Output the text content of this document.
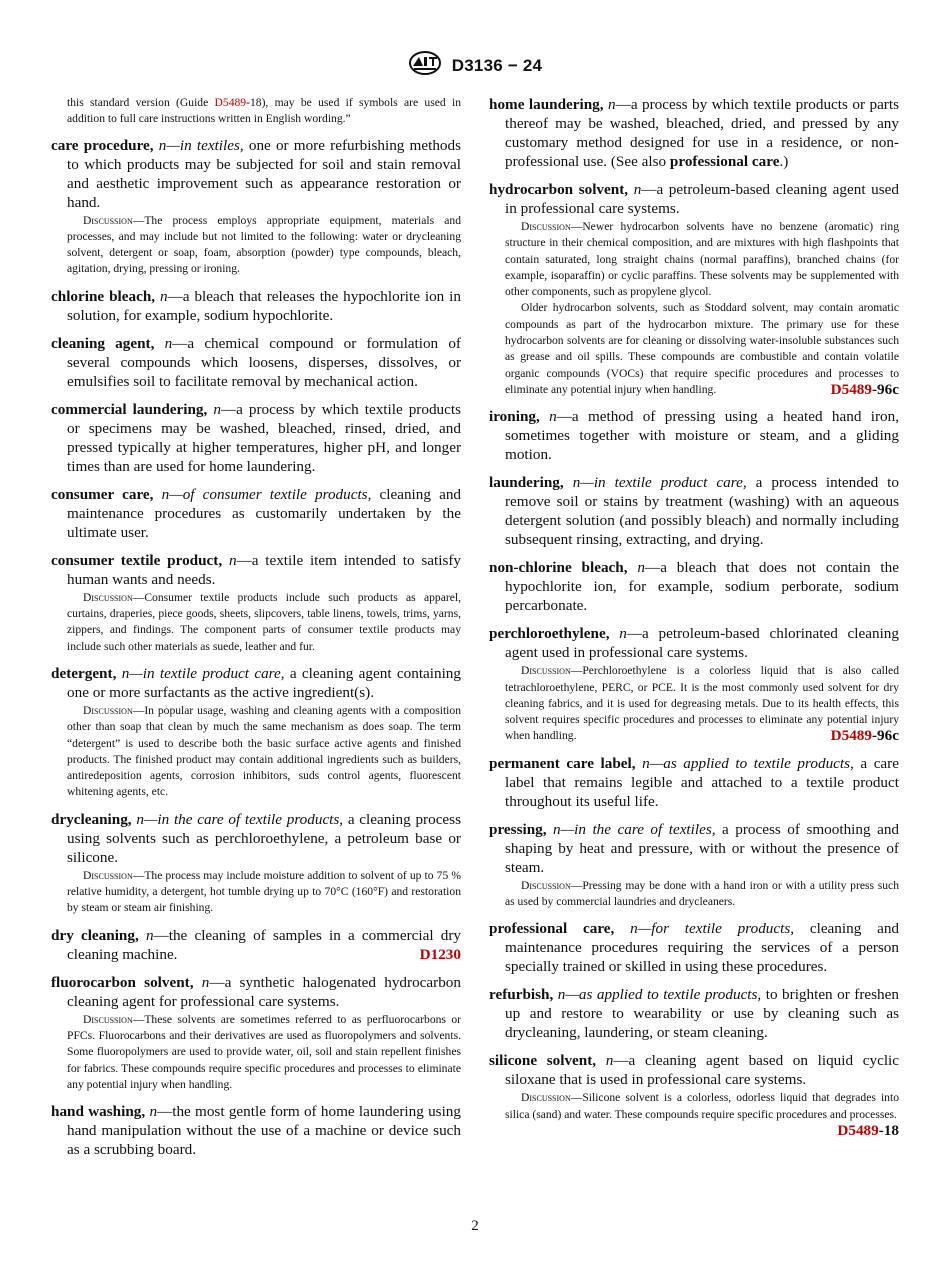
D3136 − 24
this standard version (Guide D5489-18), may be used if symbols are used in addition to full care instructions written in English wording.”
care procedure, n—in textiles, one or more refurbishing methods to which products may be subjected for soil and stain removal and aesthetic improvement such as appearance restoration or hand.

Discussion—The process employs appropriate equipment, materials and processes, and may include but not limited to the following: water or drycleaning solvent, detergent or soap, foam, absorption (powder) type compounds, bleach, agitation, drying, pressing or ironing.

chlorine bleach, n—a bleach that releases the hypochlorite ion in solution, for example, sodium hypochlorite.
cleaning agent, n—a chemical compound or formulation of several compounds which loosens, disperses, dissolves, or emulsifies soil to facilitate removal by mechanical action.
commercial laundering, n—a process by which textile products or specimens may be washed, bleached, rinsed, dried, and pressed typically at higher temperatures, higher pH, and longer times than are used for home laundering.
consumer care, n—of consumer textile products, cleaning and maintenance procedures as customarily undertaken by the ultimate user.
consumer textile product, n—a textile item intended to satisfy human wants and needs.

Discussion—Consumer textile products include such products as apparel, curtains, draperies, piece goods, sheets, slipcovers, table linens, towels, trims, yarns, zippers, and findings. The component parts of consumer textile products may include such other materials as suede, leather and fur.

detergent, n—in textile product care, a cleaning agent containing one or more surfactants as the active ingredient(s).

Discussion—In popular usage, washing and cleaning agents with a composition other than soap that clean by much the same mechanism as does soap. The term “detergent” is used to describe both the basic surface active agents and finished products. The finished product may contain additional ingredients such as builders, antiredeposition agents, corrosion inhibitors, suds control agents, fluorescent whitening agents, etc.

drycleaning, n—in the care of textile products, a cleaning process using solvents such as perchloroethylene, a petroleum base or silicone.

Discussion—The process may include moisture addition to solvent of up to 75 % relative humidity, a detergent, hot tumble drying up to 70°C (160°F) and restoration by steam or steam air finishing.

dry cleaning, n—the cleaning of samples in a commercial dry cleaning machine.	D1230
fluorocarbon solvent, n—a synthetic halogenated hydrocarbon cleaning agent for professional care systems.

Discussion—These solvents are sometimes referred to as perfluorocarbons or PFCs. Fluorocarbons and their derivatives are used as fluoropolymers and solvents. Some fluoropolymers are used to provide water, oil, soil and stain repellent finishes for fabrics. These compounds require specific procedures and processes to eliminate any potential injury when handling.

hand washing, n—the most gentle form of home laundering using hand manipulation without the use of a machine or device such as a scrubbing board.
home laundering, n—a process by which textile products or parts thereof may be washed, bleached, dried, and pressed by any customary method designed for use in a residence, or non-professional use. (See also professional care.)
hydrocarbon solvent, n—a petroleum-based cleaning agent used in professional care systems.

Discussion—Newer hydrocarbon solvents have no benzene (aromatic) ring structure in their chemical composition, and are mixtures with high flashpoints that contain saturated, long straight chains (normal paraffins), branched chains (for example, isoparaffin) or cyclic paraffins. These solvents may be supplemented with other components, such as propylene glycol.

Older hydrocarbon solvents, such as Stoddard solvent, may contain aromatic compounds as part of the hydrocarbon mixture. The primary use for these hydrocarbon solvents are for cleaning or dissolving water-insoluble substances such as grease and oil spills. These compounds are combustible and contain volatile organic compounds (VOCs) that require specific procedures and processes to eliminate any potential injury when handling.	D5489-96c

ironing, n—a method of pressing using a heated hand iron, sometimes together with moisture or steam, and a gliding motion.
laundering, n—in textile product care, a process intended to remove soil or stains by treatment (washing) with an aqueous detergent solution (and possibly bleach) and normally including subsequent rinsing, extracting, and drying.
non-chlorine bleach, n—a bleach that does not contain the hypochlorite ion, for example, sodium perborate, sodium percarbonate.
perchloroethylene, n—a petroleum-based chlorinated cleaning agent used in professional care systems.

Discussion—Perchloroethylene is a colorless liquid that is also called tetrachloroethylene, PERC, or PCE. It is the most commonly used solvent for dry cleaning fabrics, and it is used for degreasing metals. Due to its health effects, this solvent requires specific procedures and processes to eliminate any potential injury when handling.	D5489-96c

permanent care label, n—as applied to textile products, a care label that remains legible and attached to a textile product throughout its useful life.
pressing, n—in the care of textiles, a process of smoothing and shaping by heat and pressure, with or without the presence of steam.

Discussion—Pressing may be done with a hand iron or with a utility press such as used by commercial laundries and drycleaners.

professional care, n—for textile products, cleaning and maintenance procedures requiring the services of a person specially trained or skilled in using these procedures.
refurbish, n—as applied to textile products, to brighten or freshen up and restore to wearability or use by cleaning such as drycleaning, laundering, or steam cleaning.
silicone solvent, n—a cleaning agent based on liquid cyclic siloxane that is used in professional care systems.

Discussion—Silicone solvent is a colorless, odorless liquid that degrades into silica (sand) and water. These compounds require specific procedures and processes.
D5489-18

2
